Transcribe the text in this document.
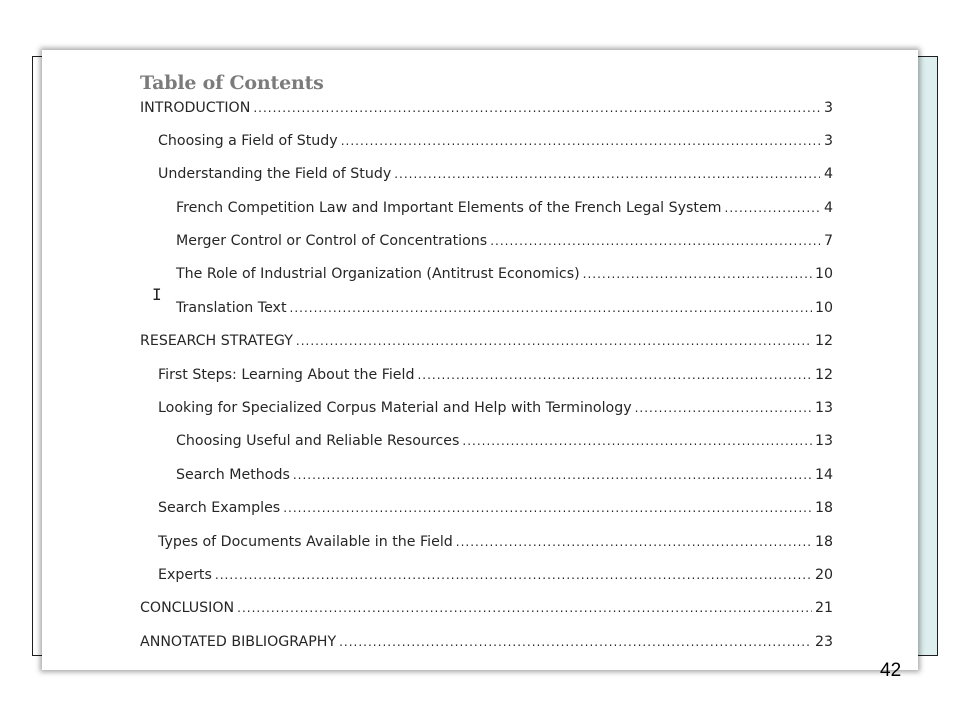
Table of Contents
INTRODUCTION .....	3
Choosing a Field of Study .....	3
Understanding the Field of Study .....	4
French Competition Law and Important Elements of the French Legal System .....	4
Merger Control or Control of Concentrations .....	7
The Role of Industrial Organization (Antitrust Economics) .....	10
Translation Text .....	10
RESEARCH STRATEGY .....	12
First Steps: Learning About the Field .....	12
Looking for Specialized Corpus Material and Help with Terminology .....	13
Choosing Useful and Reliable Resources .....	13
Search Methods .....	14
Search Examples .....	18
Types of Documents Available in the Field .....	18
Experts .....	20
CONCLUSION .....	21
ANNOTATED BIBLIOGRAPHY .....	23
I
42
